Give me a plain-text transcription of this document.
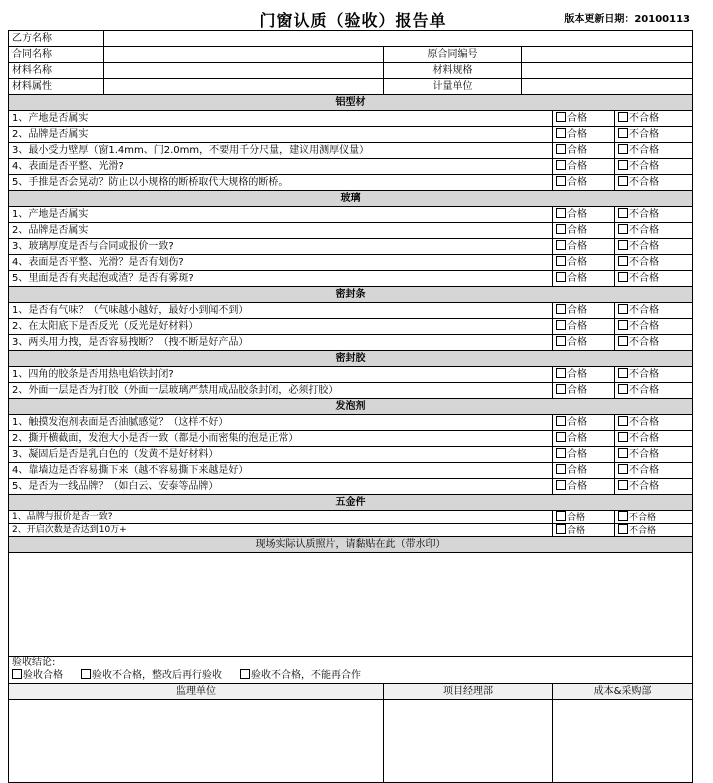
门窗认质（验收）报告单	版本更新日期：20100113
乙方名称					
合同名称		原合同编号			
材料名称		材料规格			
材料属性		计量单位			
铝型材					
1、产地是否属实				合格	不合格
2、品牌是否属实				合格	不合格
3、最小受力壁厚（窗1.4mm、门2.0mm，不要用千分尺量，建议用测厚仪量）				合格	不合格
4、表面是否平整、光滑?				合格	不合格
5、手推是否会晃动？防止以小规格的断桥取代大规格的断桥。				合格	不合格
玻璃					
1、产地是否属实				合格	不合格
2、品牌是否属实				合格	不合格
3、玻璃厚度是否与合同或报价一致?				合格	不合格
4、表面是否平整、光滑？是否有划伤?				合格	不合格
5、里面是否有夹起泡或渣？是否有雾斑?				合格	不合格
密封条					
1、是否有气味？（气味越小越好，最好小到闻不到）				合格	不合格
2、在太阳底下是否反光（反光是好材料）				合格	不合格
3、两头用力拽，是否容易拽断？（拽不断是好产品）				合格	不合格
密封胶					
1、四角的胶条是否用热电焰铁封闭?				合格	不合格
2、外面一层是否为打胶（外面一层玻璃严禁用成品胶条封闭，必须打胶）				合格	不合格
发泡剂					
1、触摸发泡剂表面是否油腻感觉？（这样不好）				合格	不合格
2、撕开横截面，发泡大小是否一致（都是小而密集的泡是正常）				合格	不合格
3、凝固后是否是乳白色的（发黄不是好材料）				合格	不合格
4、靠墙边是否容易撕下来（越不容易撕下来越是好）				合格	不合格
5、是否为一线品牌？（如白云、安泰等品牌）				合格	不合格
五金件					
1、品牌与报价是否一致?				合格	不合格
2、开启次数是否达到10万+				合格	不合格
现场实际认质照片，请黏贴在此（带水印）					

验收结论:
验收合格 验收不合格，整改后再行验收 验收不合格，不能再合作					

监理单位		项目经理部		成本&采购部	
